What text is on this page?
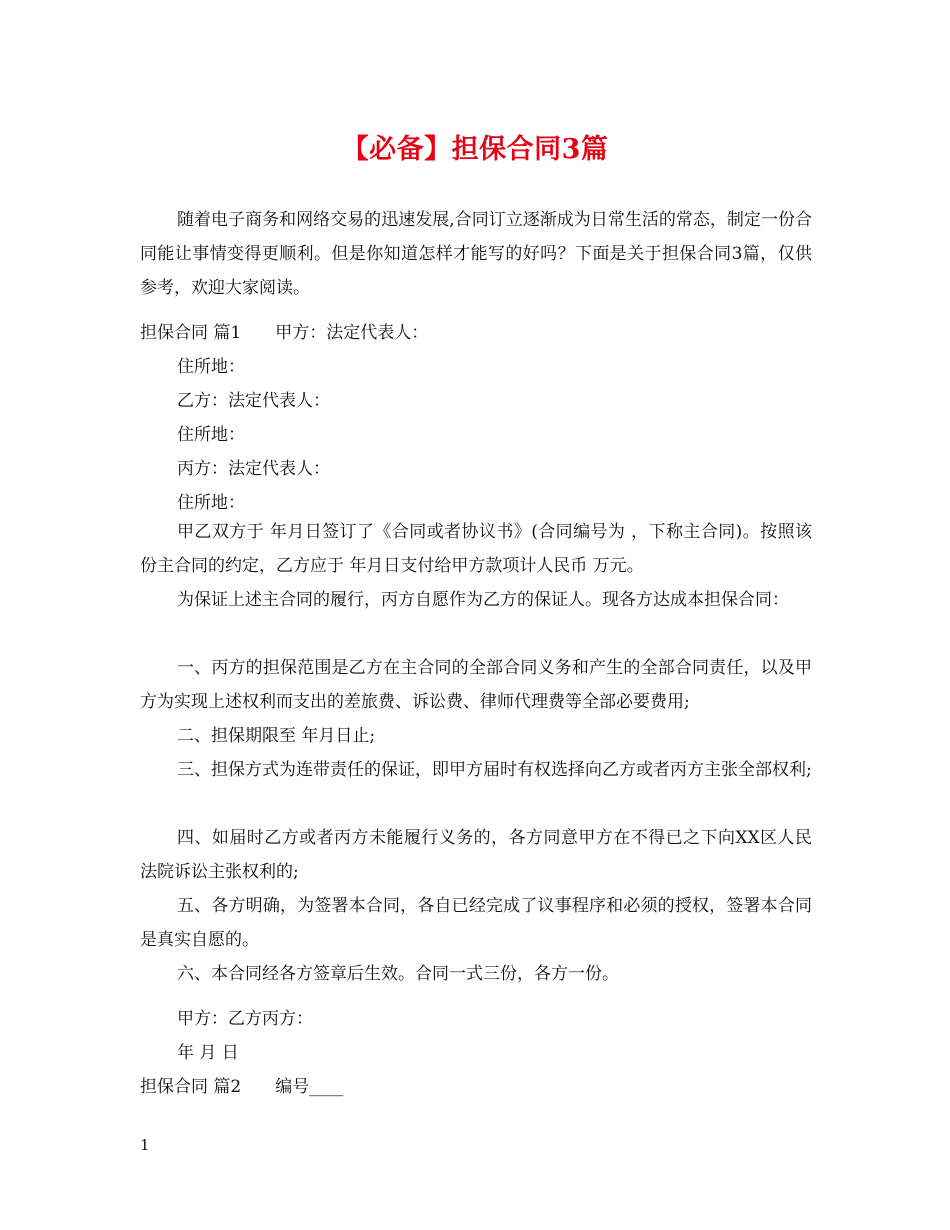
【必备】担保合同3篇
随着电子商务和网络交易的迅速发展,合同订立逐渐成为日常生活的常态，制定一份合同能让事情变得更顺利。但是你知道怎样才能写的好吗？下面是关于担保合同3篇，仅供参考，欢迎大家阅读。
担保合同 篇1 甲方：法定代表人：
住所地：
乙方：法定代表人：
住所地：
丙方：法定代表人：
住所地：
甲乙双方于 年月日签订了《合同或者协议书》(合同编号为 ，下称主合同)。按照该份主合同的约定，乙方应于 年月日支付给甲方款项计人民币 万元。
为保证上述主合同的履行，丙方自愿作为乙方的保证人。现各方达成本担保合同：
一、丙方的担保范围是乙方在主合同的全部合同义务和产生的全部合同责任，以及甲方为实现上述权利而支出的差旅费、诉讼费、律师代理费等全部必要费用;
二、担保期限至 年月日止;
三、担保方式为连带责任的保证，即甲方届时有权选择向乙方或者丙方主张全部权利;
四、如届时乙方或者丙方未能履行义务的，各方同意甲方在不得已之下向XX区人民法院诉讼主张权利的;
五、各方明确，为签署本合同，各自已经完成了议事程序和必须的授权，签署本合同是真实自愿的。
六、本合同经各方签章后生效。合同一式三份，各方一份。
甲方：乙方丙方：
年 月 日
担保合同 篇2 编号____
1
